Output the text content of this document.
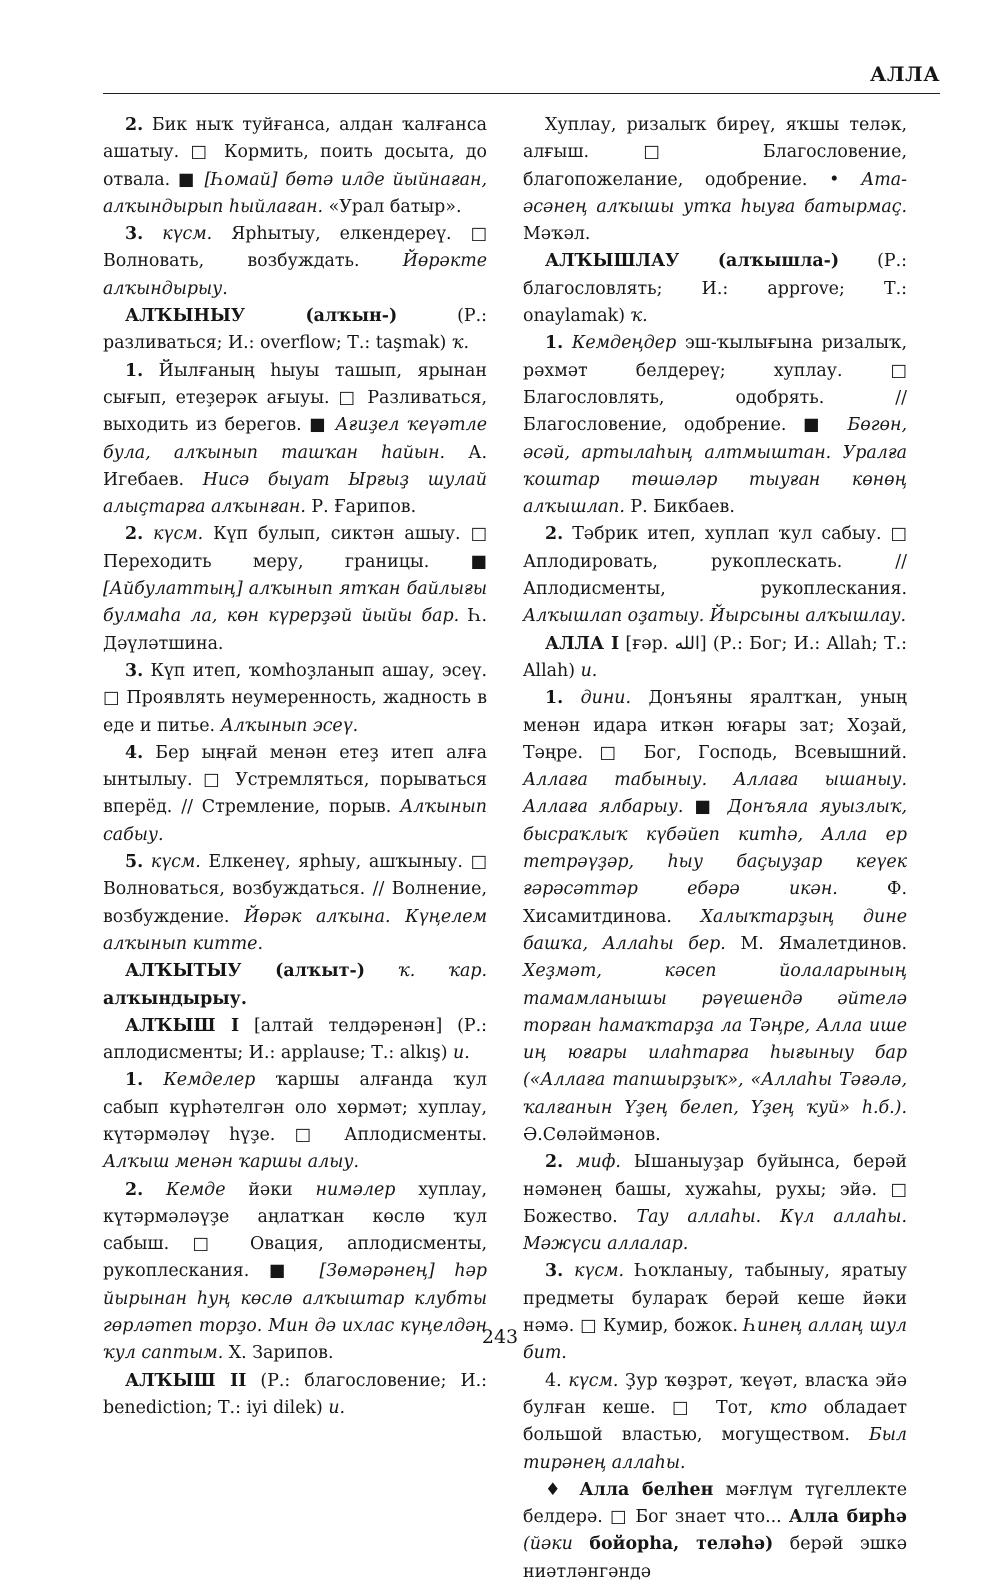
АЛЛА

2. Бик ныҡ туйғанса, алдан ҡалғанса ашатыу. □ Кормить, поить досыта, до отвала. ■ [Һомай] бөтә илде йыйнаған, алҡындырып һыйлаған. «Урал батыр».

3. күсм. Ярһытыу, елкендереү. □ Волновать, возбуждать. Йөрәкте алҡындырыу.

АЛҠЫНЫУ (алҡын-) (Р.: разливаться; И.: overflow; Т.: taşmak) ҡ.

1. Йылғаның һыуы ташып, ярынан сығып, етеҙерәк ағыуы. □ Разливаться, выходить из берегов. ■ Ағиҙел ҡеүәтле була, алҡынып ташҡан һайын. А. Игебаев. Нисә быуат Ырғыҙ шулай алыҫтарға алҡынған. Р. Ғарипов.

2. күсм. Күп булып, сиктән ашыу. □ Переходить меру, границы. ■ [Айбулаттың] алҡынып ятҡан байлығы булмаһа ла, көн күрерҙәй йыйы бар. Һ. Дәүләтшина.

3. Күп итеп, ҡомһоҙланып ашау, эсеү. □ Проявлять неумеренность, жадность в еде и питье. Алҡынып эсеү.

4. Бер ыңғай менән етеҙ итеп алға ынтылыу. □ Устремляться, порываться вперёд. // Стремление, порыв. Алҡынып сабыу.

5. күсм. Елкенеү, ярһыу, ашҡыныу. □ Волноваться, возбуждаться. // Волнение, возбуждение. Йөрәк алҡына. Күңелем алҡынып китте.

АЛҠЫТЫУ (алҡыт-) ҡ. ҡар. алҡындырыу.

АЛҠЫШ I [алтай телдәренән] (Р.: аплодисменты; И.: applause; Т.: alkış) и.

1. Кемделер ҡаршы алғанда ҡул сабып күрһәтелгән оло хөрмәт; хуплау, күтәрмәләү һүҙе. □ Аплодисменты. Алҡыш менән ҡаршы алыу.

2. Кемде йәки нимәлер хуплау, күтәрмәләүҙе аңлатҡан көслө ҡул сабыш. □ Овация, аплодисменты, рукоплескания. ■ [Зөмәрәнең] һәр йырынан һуң көслө алҡыштар клубты гөрләтеп торҙо. Мин дә ихлас күңелдән ҡул саптым. Х. Зарипов.

АЛҠЫШ II (Р.: благословение; И.: benediction; Т.: iyi dilek) и.

Хуплау, ризалыҡ биреү, яҡшы теләк, алғыш. □ Благословение, благопожелание, одобрение. • Ата-әсәнең алҡышы утҡа һыуға батырмаҫ. Мәҡәл.

АЛҠЫШЛАУ (алҡышла-) (Р.: благословлять; И.: approve; Т.: onaylamak) ҡ.

1. Кемдеңдер эш-ҡылығына ризалыҡ, рәхмәт белдереү; хуплау. □ Благословлять, одобрять. // Благословение, одобрение. ■ Бөгөн, әсәй, артылаһың алтмыштан. Уралға ҡоштар төшәләр тыуған көнөң алҡышлап. Р. Бикбаев.

2. Тәбрик итеп, хуплап ҡул сабыу. □ Аплодировать, рукоплескать. // Аплодисменты, рукоплескания. Алҡышлап оҙатыу. Йырсыны алҡышлау.

АЛЛА I [ғәр. الله] (Р.: Бог; И.: Allah; Т.: Allah) и.

1. дини. Донъяны яралтҡан, уның менән идара иткән юғары зат; Хоҙай, Тәңре. □ Бог, Господь, Всевышний. Аллаға табыныу. Аллаға ышаныу. Аллаға ялбарыу. ■ Донъяла яуызлыҡ, бысраҡлыҡ күбәйеп китһә, Алла ер тетрәүҙәр, һыу баҫыуҙар кеүек ғәрәсәттәр ебәрә икән. Ф. Хисамитдинова. Халыҡтарҙың дине башҡа, Аллаһы бер. М. Ямалетдинов. Хеҙмәт, кәсеп йолаларының тамамланышы рәүешендә әйтелә торған һамаҡтарҙа ла Тәңре, Алла ише иң юғары илаһтарға һығыныу бар («Аллаға тапшырҙыҡ», «Аллаһы Тәғәлә, ҡалғанын Үҙең белеп, Үҙең ҡуй» һ.б.). Ә.Сөләймәнов.

2. миф. Ышаныуҙар буйынса, берәй нәмәнең башы, хужаһы, рухы; эйә. □ Божество. Тау аллаһы. Күл аллаһы. Мәжүси аллалар.

3. күсм. Һоҡланыу, табыныу, яратыу предметы булараҡ берәй кеше йәки нәмә. □ Кумир, божок. Һинең аллаң шул бит.

4. күсм. Ҙур ҡөҙрәт, ҡеүәт, власҡа эйә булған кеше. □ Тот, кто обладает большой властью, могуществом. Был тирәнең аллаһы.

♦ Алла белһен мәғлүм түгеллекте белдерә. □ Бог знает что... Алла бирһә (йәки бойорһа, теләһә) берәй эшкә ниәтләнгәндә

243
